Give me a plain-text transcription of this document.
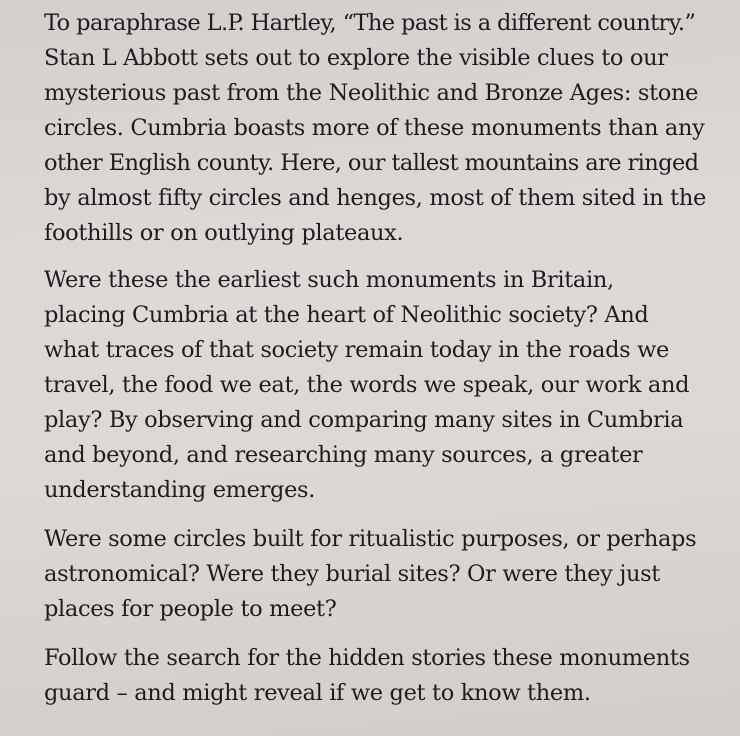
To paraphrase L.P. Hartley, “The past is a different country.”
Stan L Abbott sets out to explore the visible clues to our
mysterious past from the Neolithic and Bronze Ages: stone
circles. Cumbria boasts more of these monuments than any
other English county. Here, our tallest mountains are ringed
by almost fifty circles and henges, most of them sited in the
foothills or on outlying plateaux.

Were these the earliest such monuments in Britain,
placing Cumbria at the heart of Neolithic society? And
what traces of that society remain today in the roads we
travel, the food we eat, the words we speak, our work and
play? By observing and comparing many sites in Cumbria
and beyond, and researching many sources, a greater
understanding emerges.

Were some circles built for ritualistic purposes, or perhaps
astronomical? Were they burial sites? Or were they just
places for people to meet?

Follow the search for the hidden stories these monuments
guard – and might reveal if we get to know them.
